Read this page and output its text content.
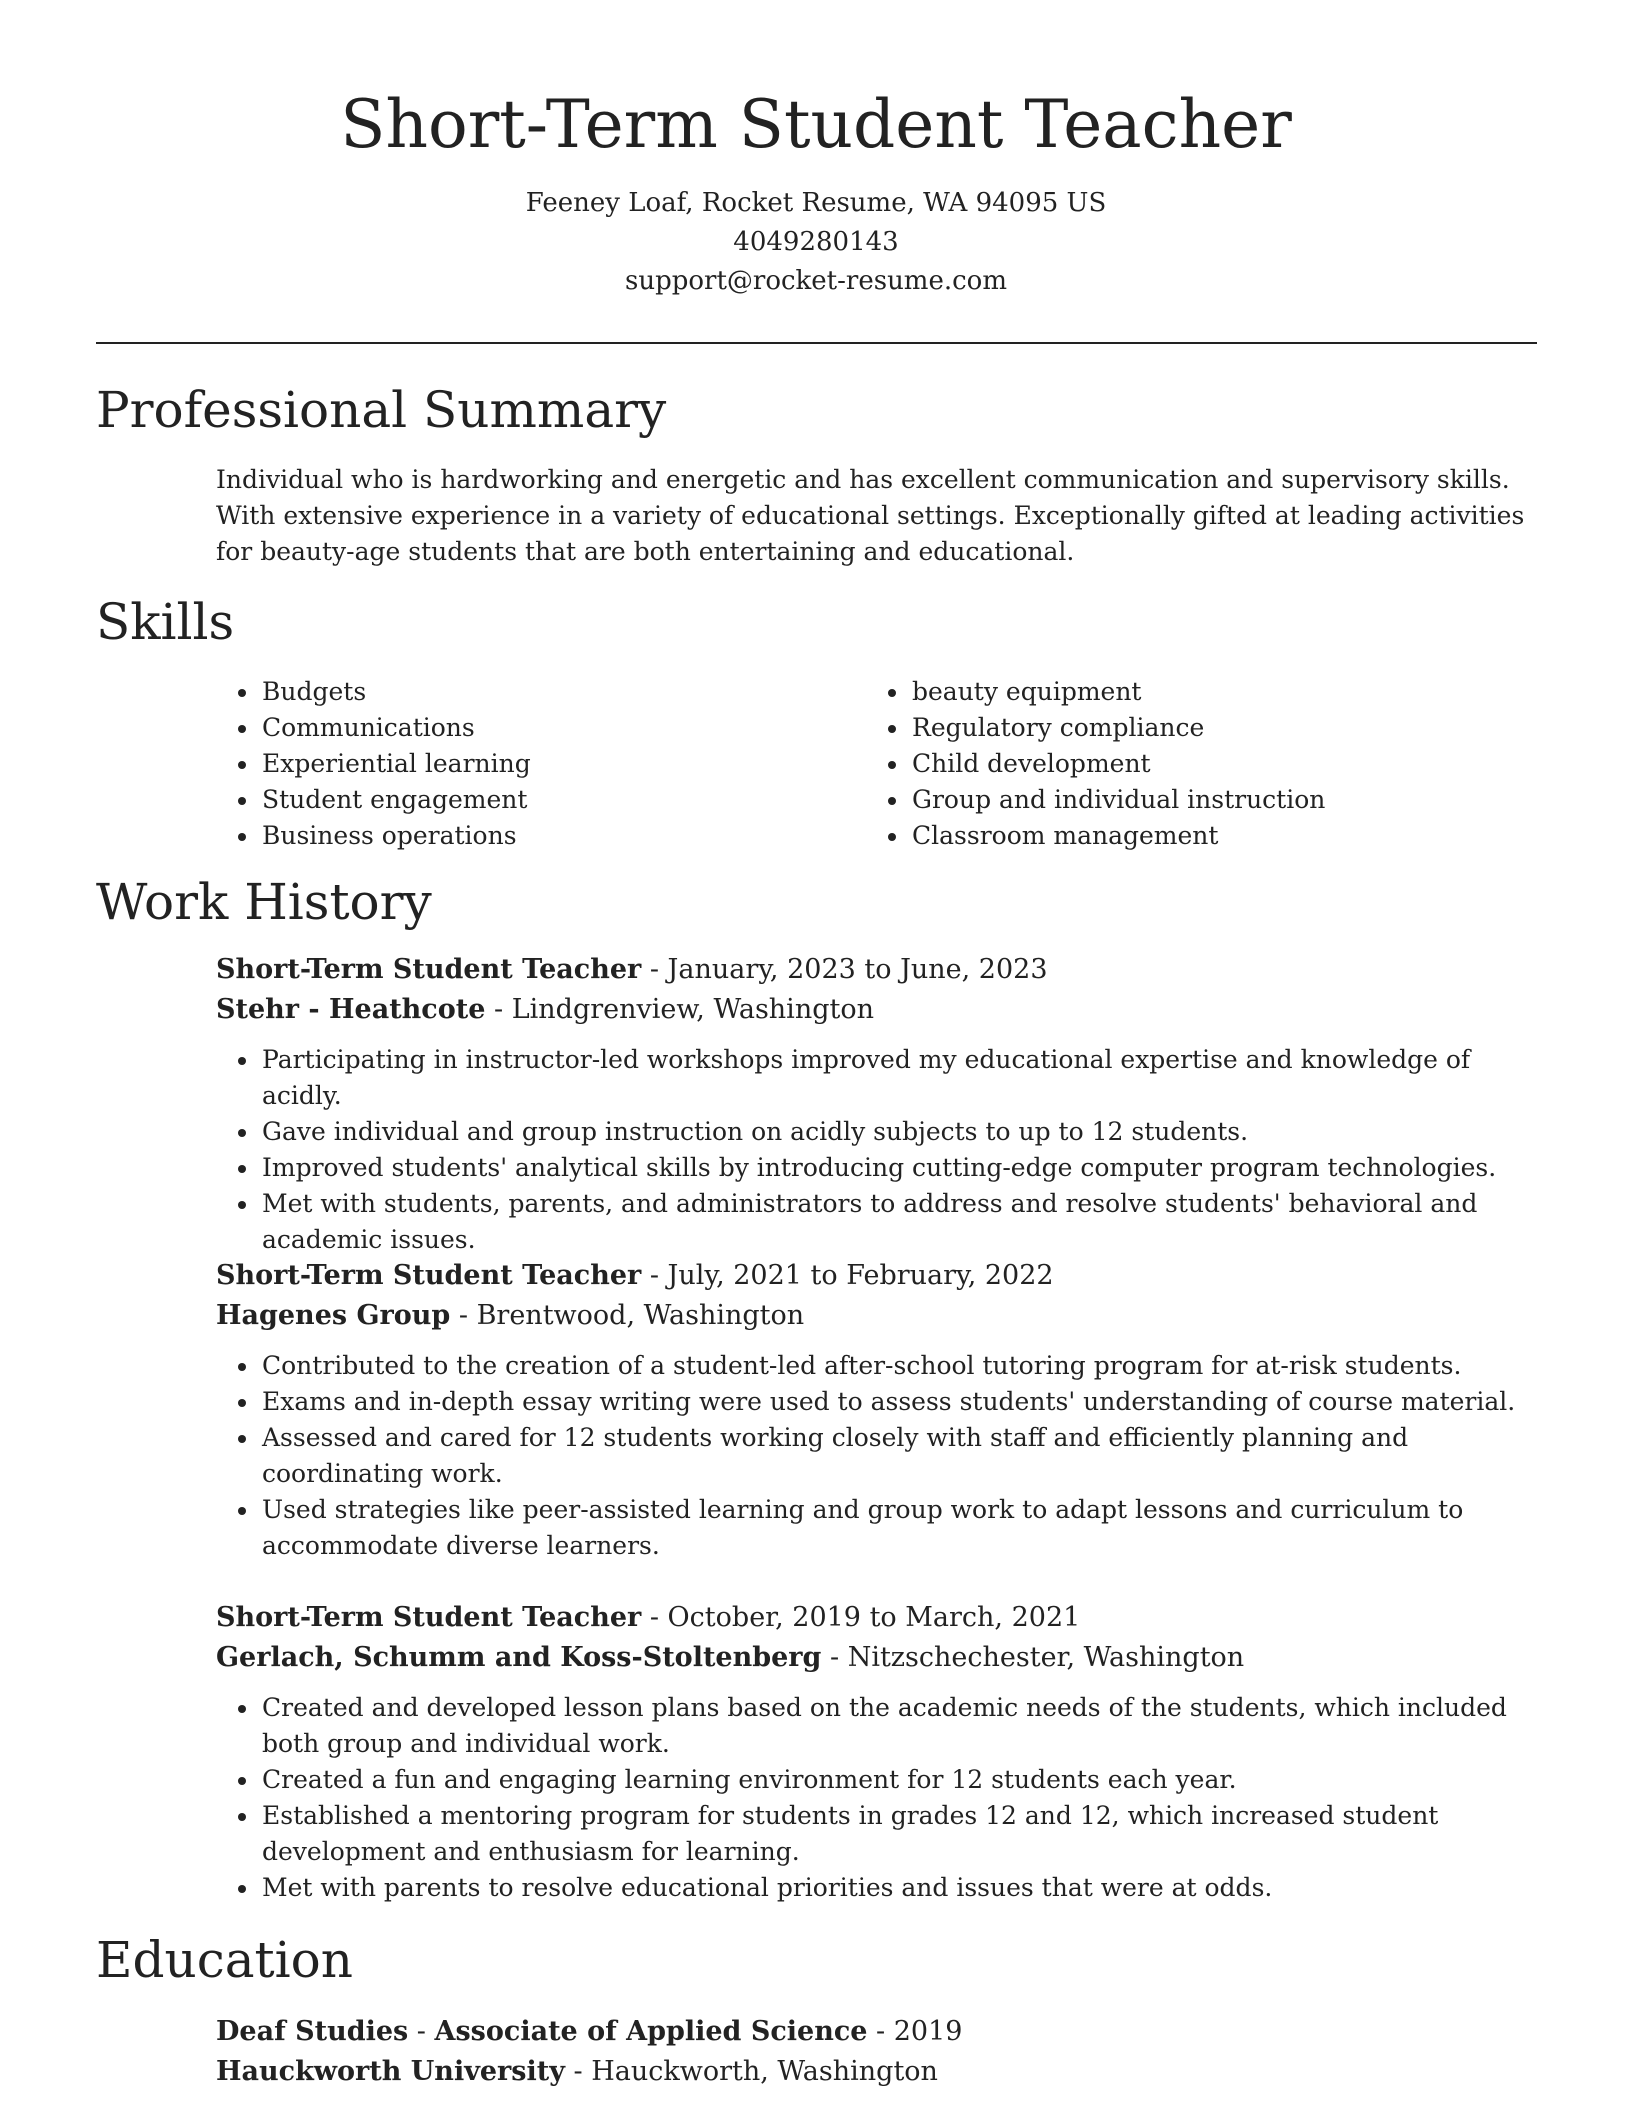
Short-Term Student Teacher
Feeney Loaf, Rocket Resume, WA 94095 US
4049280143
support@rocket-resume.com
Professional Summary
Individual who is hardworking and energetic and has excellent communication and supervisory skills. With extensive experience in a variety of educational settings. Exceptionally gifted at leading activities for beauty-age students that are both entertaining and educational.
Skills
• Budgets
• Communications
• Experiential learning
• Student engagement
• Business operations
• beauty equipment
• Regulatory compliance
• Child development
• Group and individual instruction
• Classroom management
Work History
Short-Term Student Teacher - January, 2023 to June, 2023
Stehr - Heathcote - Lindgrenview, Washington
• Participating in instructor-led workshops improved my educational expertise and knowledge of acidly.
• Gave individual and group instruction on acidly subjects to up to 12 students.
• Improved students' analytical skills by introducing cutting-edge computer program technologies.
• Met with students, parents, and administrators to address and resolve students' behavioral and academic issues.
Short-Term Student Teacher - July, 2021 to February, 2022
Hagenes Group - Brentwood, Washington
• Contributed to the creation of a student-led after-school tutoring program for at-risk students.
• Exams and in-depth essay writing were used to assess students' understanding of course material.
• Assessed and cared for 12 students working closely with staff and efficiently planning and coordinating work.
• Used strategies like peer-assisted learning and group work to adapt lessons and curriculum to accommodate diverse learners.
Short-Term Student Teacher - October, 2019 to March, 2021
Gerlach, Schumm and Koss-Stoltenberg - Nitzschechester, Washington
• Created and developed lesson plans based on the academic needs of the students, which included both group and individual work.
• Created a fun and engaging learning environment for 12 students each year.
• Established a mentoring program for students in grades 12 and 12, which increased student development and enthusiasm for learning.
• Met with parents to resolve educational priorities and issues that were at odds.
Education
Deaf Studies - Associate of Applied Science - 2019
Hauckworth University - Hauckworth, Washington
